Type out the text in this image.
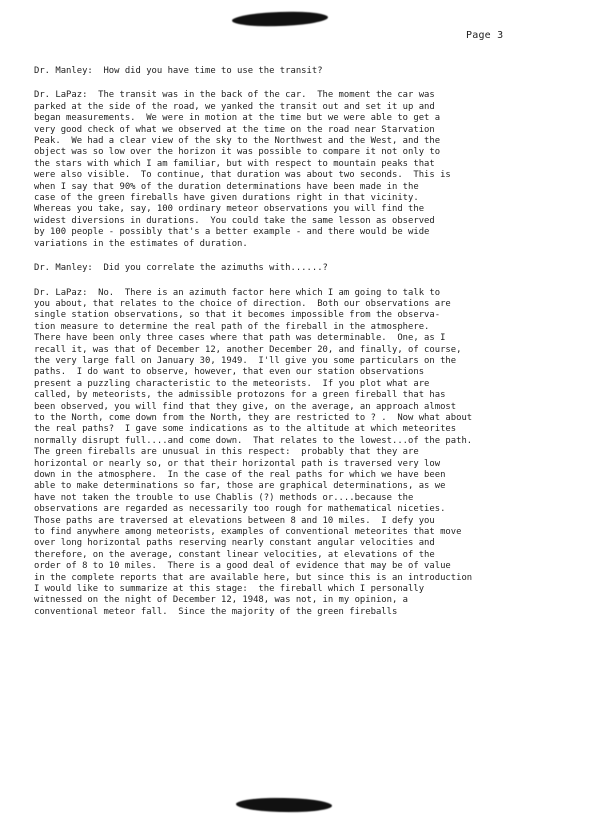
Page 3

Dr. Manley:  How did you have time to use the transit?

Dr. LaPaz:  The transit was in the back of the car.  The moment the car was
parked at the side of the road, we yanked the transit out and set it up and
began measurements.  We were in motion at the time but we were able to get a
very good check of what we observed at the time on the road near Starvation
Peak.  We had a clear view of the sky to the Northwest and the West, and the
object was so low over the horizon it was possible to compare it not only to
the stars with which I am familiar, but with respect to mountain peaks that
were also visible.  To continue, that duration was about two seconds.  This is
when I say that 90% of the duration determinations have been made in the
case of the green fireballs have given durations right in that vicinity.
Whereas you take, say, 100 ordinary meteor observations you will find the
widest diversions in durations.  You could take the same lesson as observed
by 100 people - possibly that's a better example - and there would be wide
variations in the estimates of duration.

Dr. Manley:  Did you correlate the azimuths with......?

Dr. LaPaz:  No.  There is an azimuth factor here which I am going to talk to
you about, that relates to the choice of direction.  Both our observations are
single station observations, so that it becomes impossible from the observa-
tion measure to determine the real path of the fireball in the atmosphere.
There have been only three cases where that path was determinable.  One, as I
recall it, was that of December 12, another December 20, and finally, of course,
the very large fall on January 30, 1949.  I'll give you some particulars on the
paths.  I do want to observe, however, that even our station observations
present a puzzling characteristic to the meteorists.  If you plot what are
called, by meteorists, the admissible protozons for a green fireball that has
been observed, you will find that they give, on the average, an approach almost
to the North, come down from the North, they are restricted to ? .  Now what about
the real paths?  I gave some indications as to the altitude at which meteorites
normally disrupt full....and come down.  That relates to the lowest...of the path.
The green fireballs are unusual in this respect:  probably that they are
horizontal or nearly so, or that their horizontal path is traversed very low
down in the atmosphere.  In the case of the real paths for which we have been
able to make determinations so far, those are graphical determinations, as we
have not taken the trouble to use Chablis (?) methods or....because the
observations are regarded as necessarily too rough for mathematical niceties.
Those paths are traversed at elevations between 8 and 10 miles.  I defy you
to find anywhere among meteorists, examples of conventional meteorites that move
over long horizontal paths reserving nearly constant angular velocities and
therefore, on the average, constant linear velocities, at elevations of the
order of 8 to 10 miles.  There is a good deal of evidence that may be of value
in the complete reports that are available here, but since this is an introduction
I would like to summarize at this stage:  the fireball which I personally
witnessed on the night of December 12, 1948, was not, in my opinion, a
conventional meteor fall.  Since the majority of the green fireballs
